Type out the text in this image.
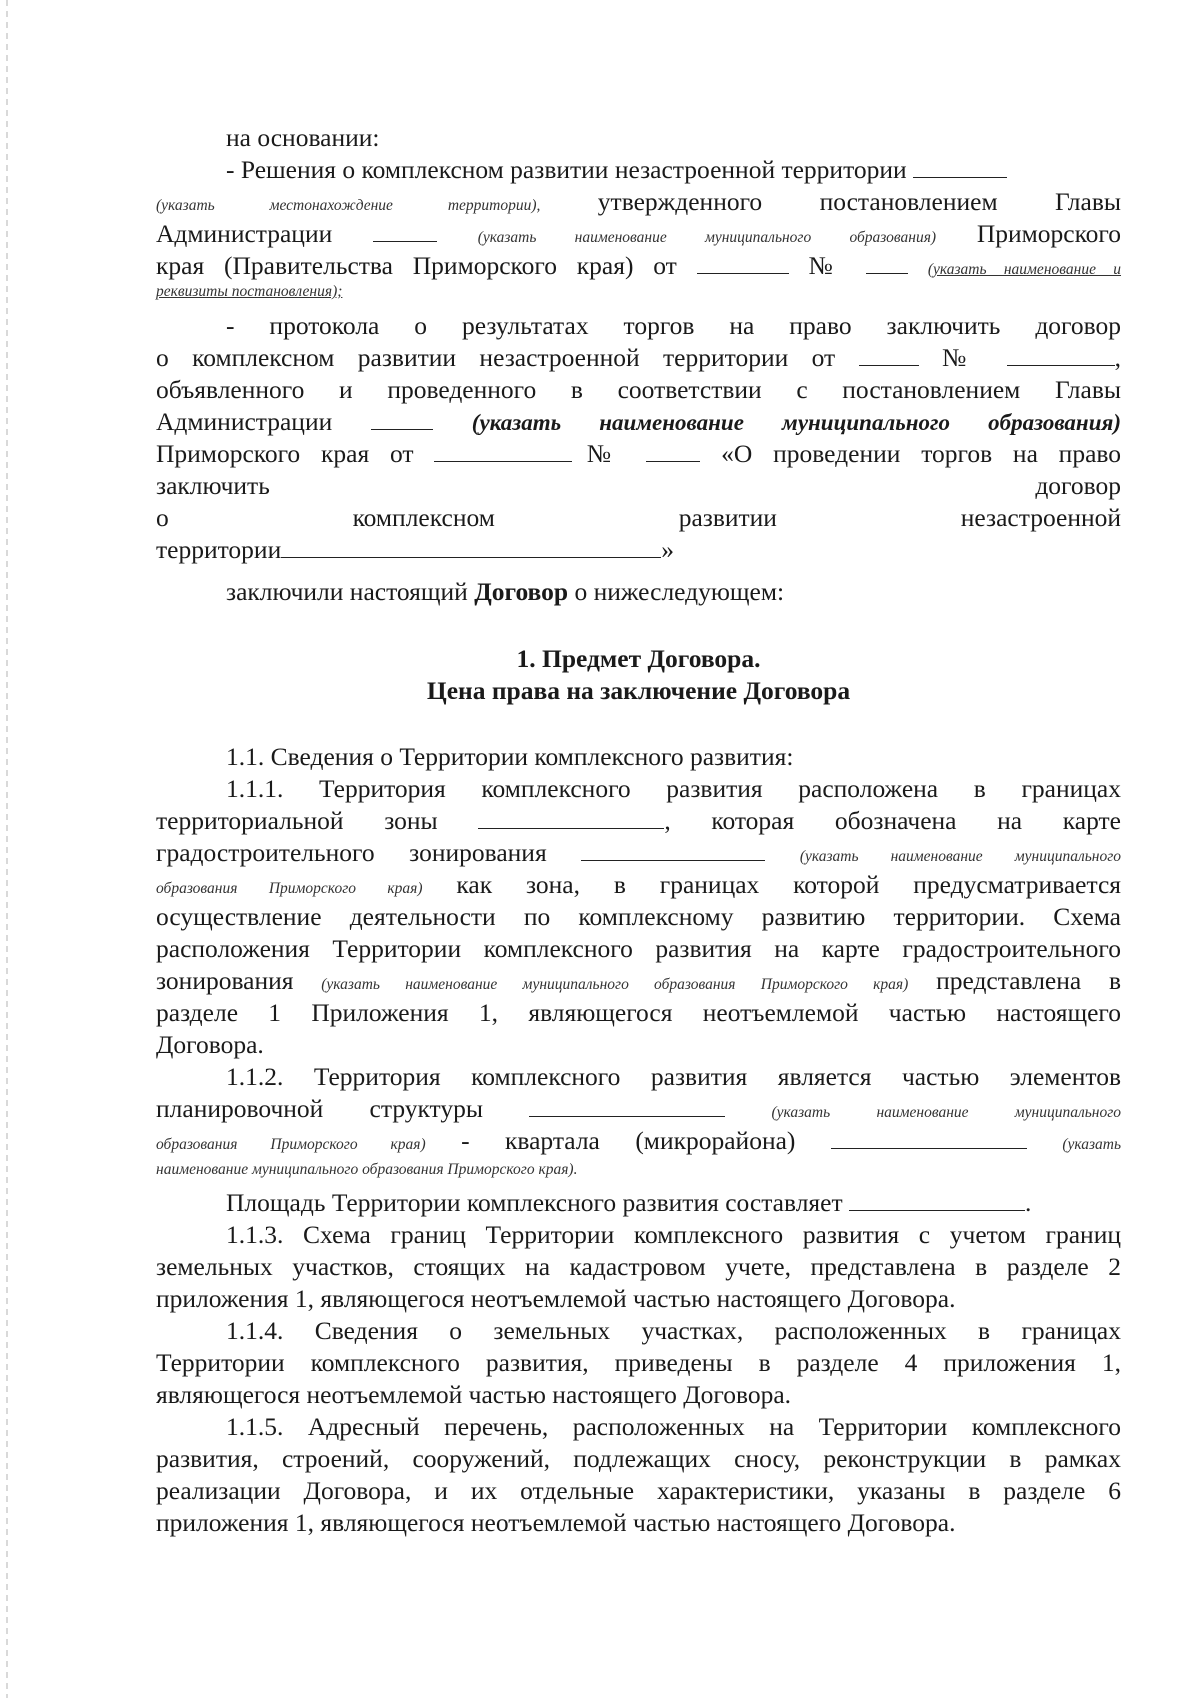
на основании:
- Решения о комплексном развитии незастроенной территории
(указать местонахождение территории), утвержденного постановлением Главы
Администрации	(указать наименование муниципального образования) Приморского
края (Правительства Приморского края) от	№	(указать наименование и
реквизиты постановления);
- протокола о результатах торгов на право заключить договор
о комплексном развитии незастроенной территории от	№	,
объявленного и проведенного в соответствии с постановлением Главы
Администрации	(указать наименование муниципального образования)
Приморского края от	№	«О проведении торгов на право
заключить	договор
о	комплексном	развитии	незастроенной
территории	»
заключили настоящий Договор о нижеследующем:
1. Предмет Договора.
Цена права на заключение Договора
1.1. Сведения о Территории комплексного развития:
1.1.1. Территория комплексного развития расположена в границах
территориальной зоны	, которая обозначена на карте
градостроительного зонирования	(указать наименование муниципального
образования Приморского края) как зона, в границах которой предусматривается
осуществление деятельности по комплексному развитию территории. Схема
расположения Территории комплексного развития на карте градостроительного
зонирования (указать наименование муниципального образования Приморского края) представлена в
разделе 1 Приложения 1, являющегося неотъемлемой частью настоящего
Договора.
1.1.2. Территория комплексного развития является частью элементов
планировочной структуры	(указать	наименование	муниципального
образования Приморского края) - квартала (микрорайона)	(указать
наименование муниципального образования Приморского края).
Площадь Территории комплексного развития составляет	.
1.1.3. Схема границ Территории комплексного развития с учетом границ
земельных участков, стоящих на кадастровом учете, представлена в разделе 2
приложения 1, являющегося неотъемлемой частью настоящего Договора.
1.1.4. Сведения о земельных участках, расположенных в границах
Территории комплексного развития, приведены в разделе 4 приложения 1,
являющегося неотъемлемой частью настоящего Договора.
1.1.5. Адресный перечень, расположенных на Территории комплексного
развития, строений, сооружений, подлежащих сносу, реконструкции в рамках
реализации Договора, и их отдельные характеристики, указаны в разделе 6
приложения 1, являющегося неотъемлемой частью настоящего Договора.
